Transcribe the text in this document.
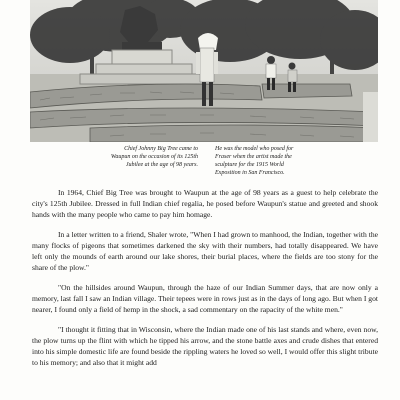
Chief Johnny Big Tree came to
Waupun on the occasion of its 125th
Jubilee at the age of 98 years.
He was the model who posed for
Fraser when the artist made the
sculpture for the 1915 World
Exposition in San Francisco.

In 1964, Chief Big Tree was brought to Waupun at the age of 98 years as a guest to help celebrate the city's 125th Jubilee. Dressed in full Indian chief regalia, he posed before Waupun's statue and greeted and shook hands with the many people who came to pay him homage.

In a letter written to a friend, Shaler wrote, "When I had grown to manhood, the Indian, together with the many flocks of pigeons that sometimes darkened the sky with their numbers, had totally disappeared. We have left only the mounds of earth around our lake shores, their burial places, where the fields are too stony for the share of the plow."

"On the hillsides around Waupun, through the haze of our Indian Summer days, that are now only a memory, last fall I saw an Indian village. Their tepees were in rows just as in the days of long ago. But when I got nearer, I found only a field of hemp in the shock, a sad commentary on the rapacity of the white men."

"I thought it fitting that in Wisconsin, where the Indian made one of his last stands and where, even now, the plow turns up the flint with which he tipped his arrow, and the stone battle axes and crude dishes that entered into his simple domestic life are found beside the rippling waters he loved so well, I would offer this slight tribute to his memory; and also that it might add
